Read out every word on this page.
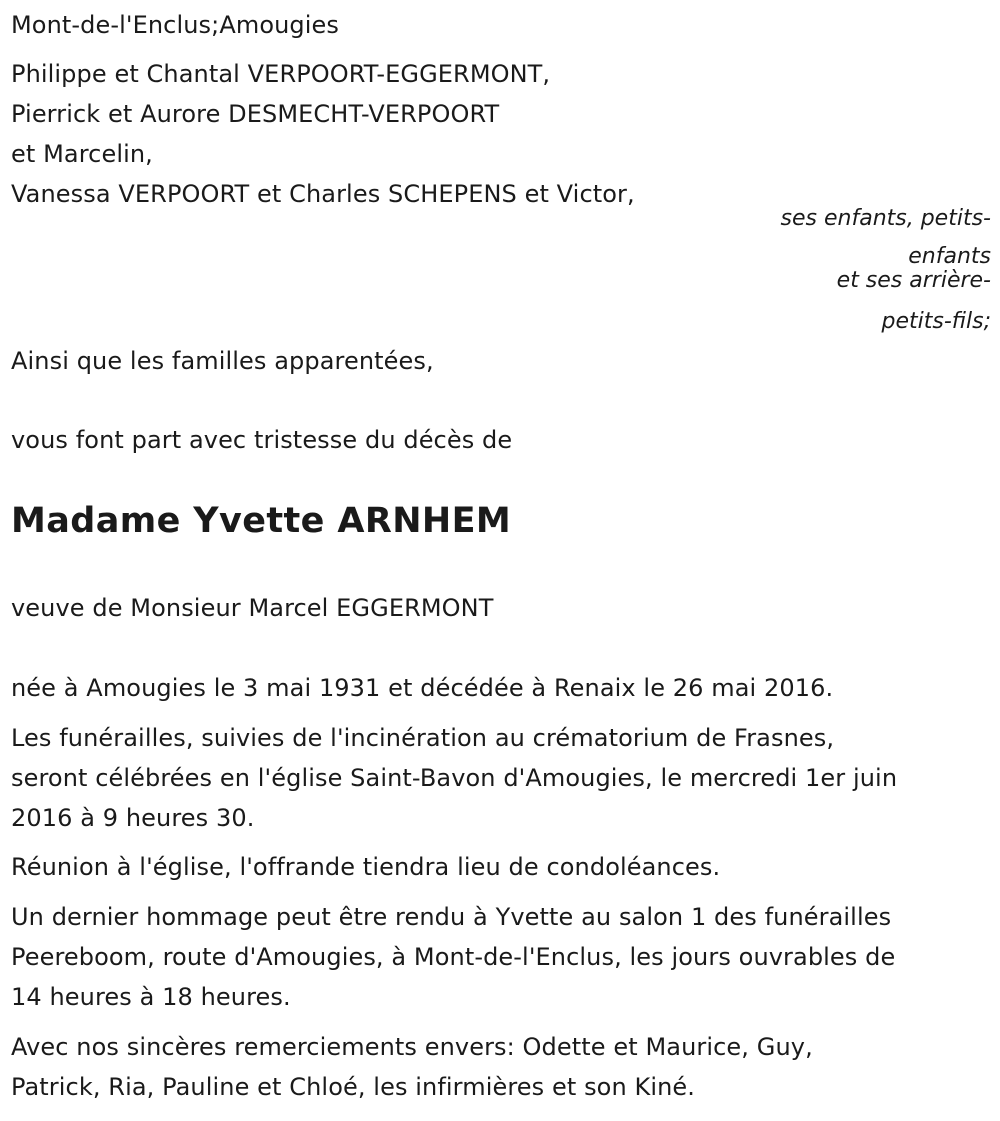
Mont-de-l'Enclus;Amougies
Philippe et Chantal VERPOORT-EGGERMONT,
Pierrick et Aurore DESMECHT-VERPOORT
et Marcelin,
Vanessa VERPOORT et Charles SCHEPENS et Victor,
ses enfants, petits-
enfants
et ses arrière-
petits-fils;
Ainsi que les familles apparentées,
vous font part avec tristesse du décès de
Madame Yvette ARNHEM
veuve de Monsieur Marcel EGGERMONT
née à Amougies le 3 mai 1931 et décédée à Renaix le 26 mai 2016.
Les funérailles, suivies de l'incinération au crématorium de Frasnes,
seront célébrées en l'église Saint-Bavon d'Amougies, le mercredi 1er juin
2016 à 9 heures 30.
Réunion à l'église, l'offrande tiendra lieu de condoléances.
Un dernier hommage peut être rendu à Yvette au salon 1 des funérailles
Peereboom, route d'Amougies, à Mont-de-l'Enclus, les jours ouvrables de
14 heures à 18 heures.
Avec nos sincères remerciements envers: Odette et Maurice, Guy,
Patrick, Ria, Pauline et Chloé, les infirmières et son Kiné.
